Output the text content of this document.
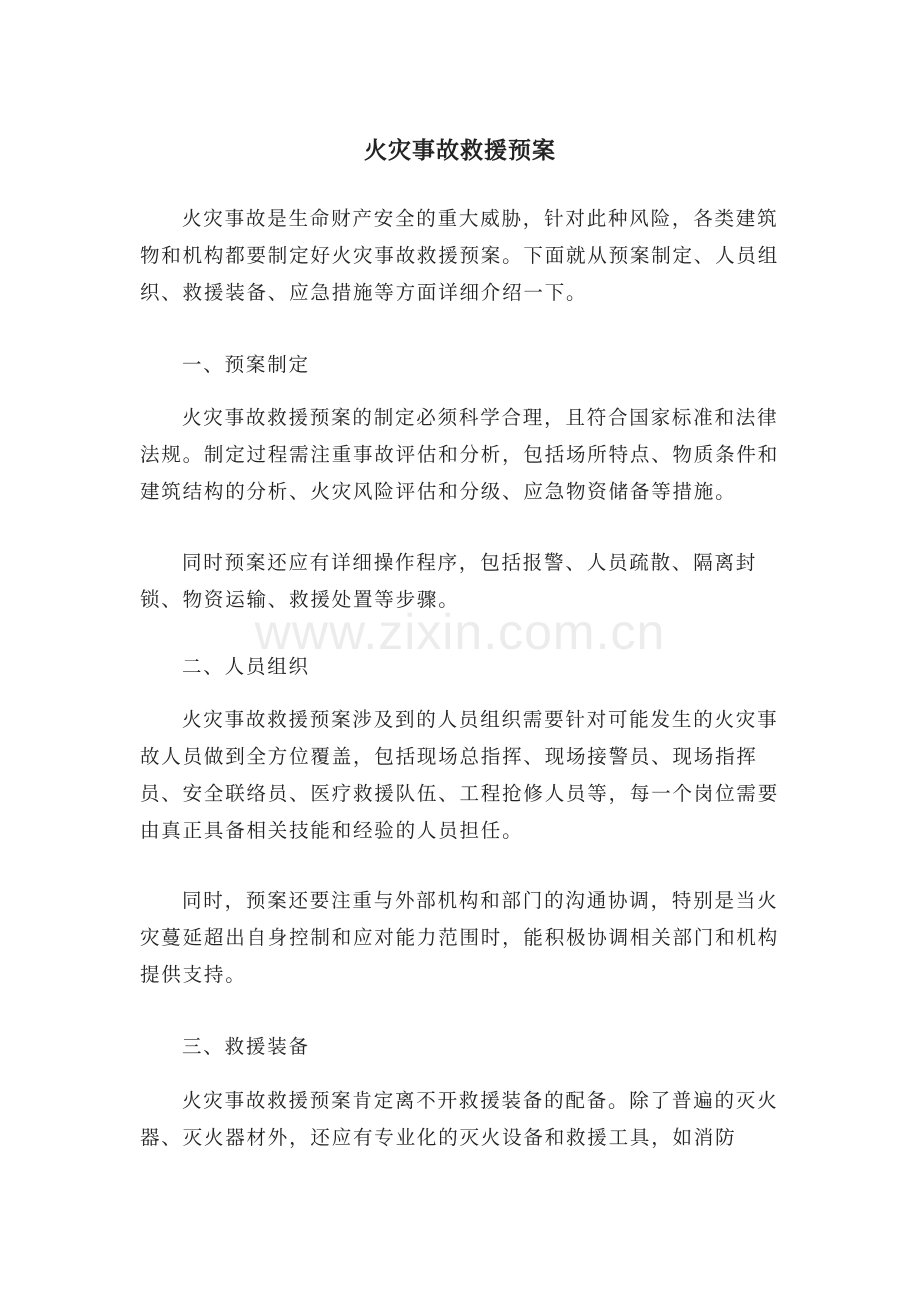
火灾事故救援预案

火灾事故是生命财产安全的重大威胁，针对此种风险，各类建筑物和机构都要制定好火灾事故救援预案。下面就从预案制定、人员组织、救援装备、应急措施等方面详细介绍一下。

一、预案制定

火灾事故救援预案的制定必须科学合理，且符合国家标准和法律法规。制定过程需注重事故评估和分析，包括场所特点、物质条件和建筑结构的分析、火灾风险评估和分级、应急物资储备等措施。

同时预案还应有详细操作程序，包括报警、人员疏散、隔离封锁、物资运输、救援处置等步骤。

二、人员组织

火灾事故救援预案涉及到的人员组织需要针对可能发生的火灾事故人员做到全方位覆盖，包括现场总指挥、现场接警员、现场指挥员、安全联络员、医疗救援队伍、工程抢修人员等，每一个岗位需要由真正具备相关技能和经验的人员担任。

同时，预案还要注重与外部机构和部门的沟通协调，特别是当火灾蔓延超出自身控制和应对能力范围时，能积极协调相关部门和机构提供支持。

三、救援装备

火灾事故救援预案肯定离不开救援装备的配备。除了普遍的灭火器、灭火器材外，还应有专业化的灭火设备和救援工具，如消防

www.zixin.com.cn
